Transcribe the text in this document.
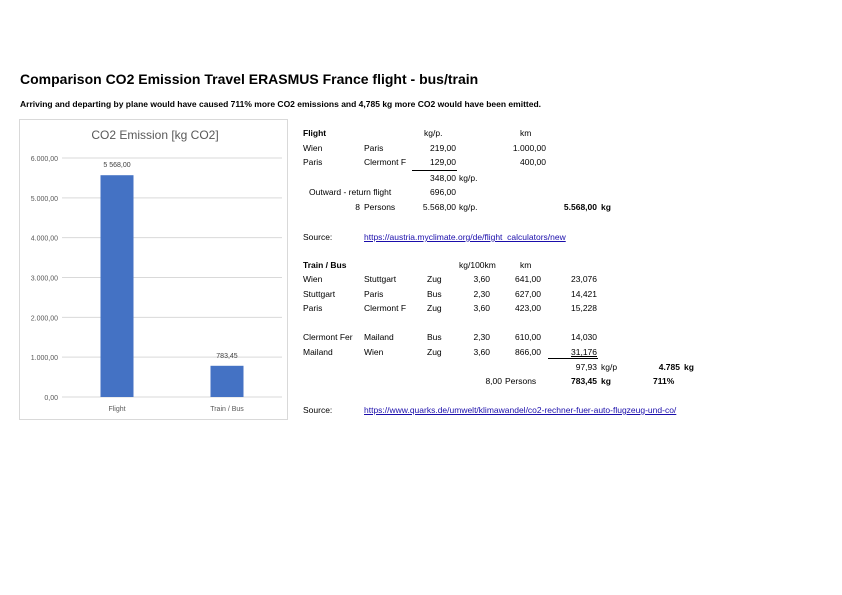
Comparison CO2 Emission Travel ERASMUS France flight - bus/train
Arriving and departing by plane would have caused 711% more CO2 emissions and 4,785 kg more CO2 would have been emitted.
CO2 Emission [kg CO2]
0,00
1.000,00
2.000,00
3.000,00
4.000,00
5.000,00
6.000,00
5 568,00
Flight
783,45
Train / Bus
Flight	kg/p.	km
Wien	Paris	219,00	1.000,00
Paris	Clermont F	129,00	400,00
348,00 kg/p.
Outward - return flight	696,00
8 Persons	5.568,00 kg/p.	5.568,00 kg
Source:	https://austria.myclimate.org/de/flight_calculators/new
Train / Bus	kg/100km	km
Wien	Stuttgart	Zug	3,60	641,00	23,076
Stuttgart	Paris	Bus	2,30	627,00	14,421
Paris	Clermont F	Zug	3,60	423,00	15,228
Clermont Fer	Mailand	Bus	2,30	610,00	14,030
Mailand	Wien	Zug	3,60	866,00	31,176
97,93 kg/p	4.785 kg
8,00 Persons	783,45 kg	711%
Source:	https://www.quarks.de/umwelt/klimawandel/co2-rechner-fuer-auto-flugzeug-und-co/
